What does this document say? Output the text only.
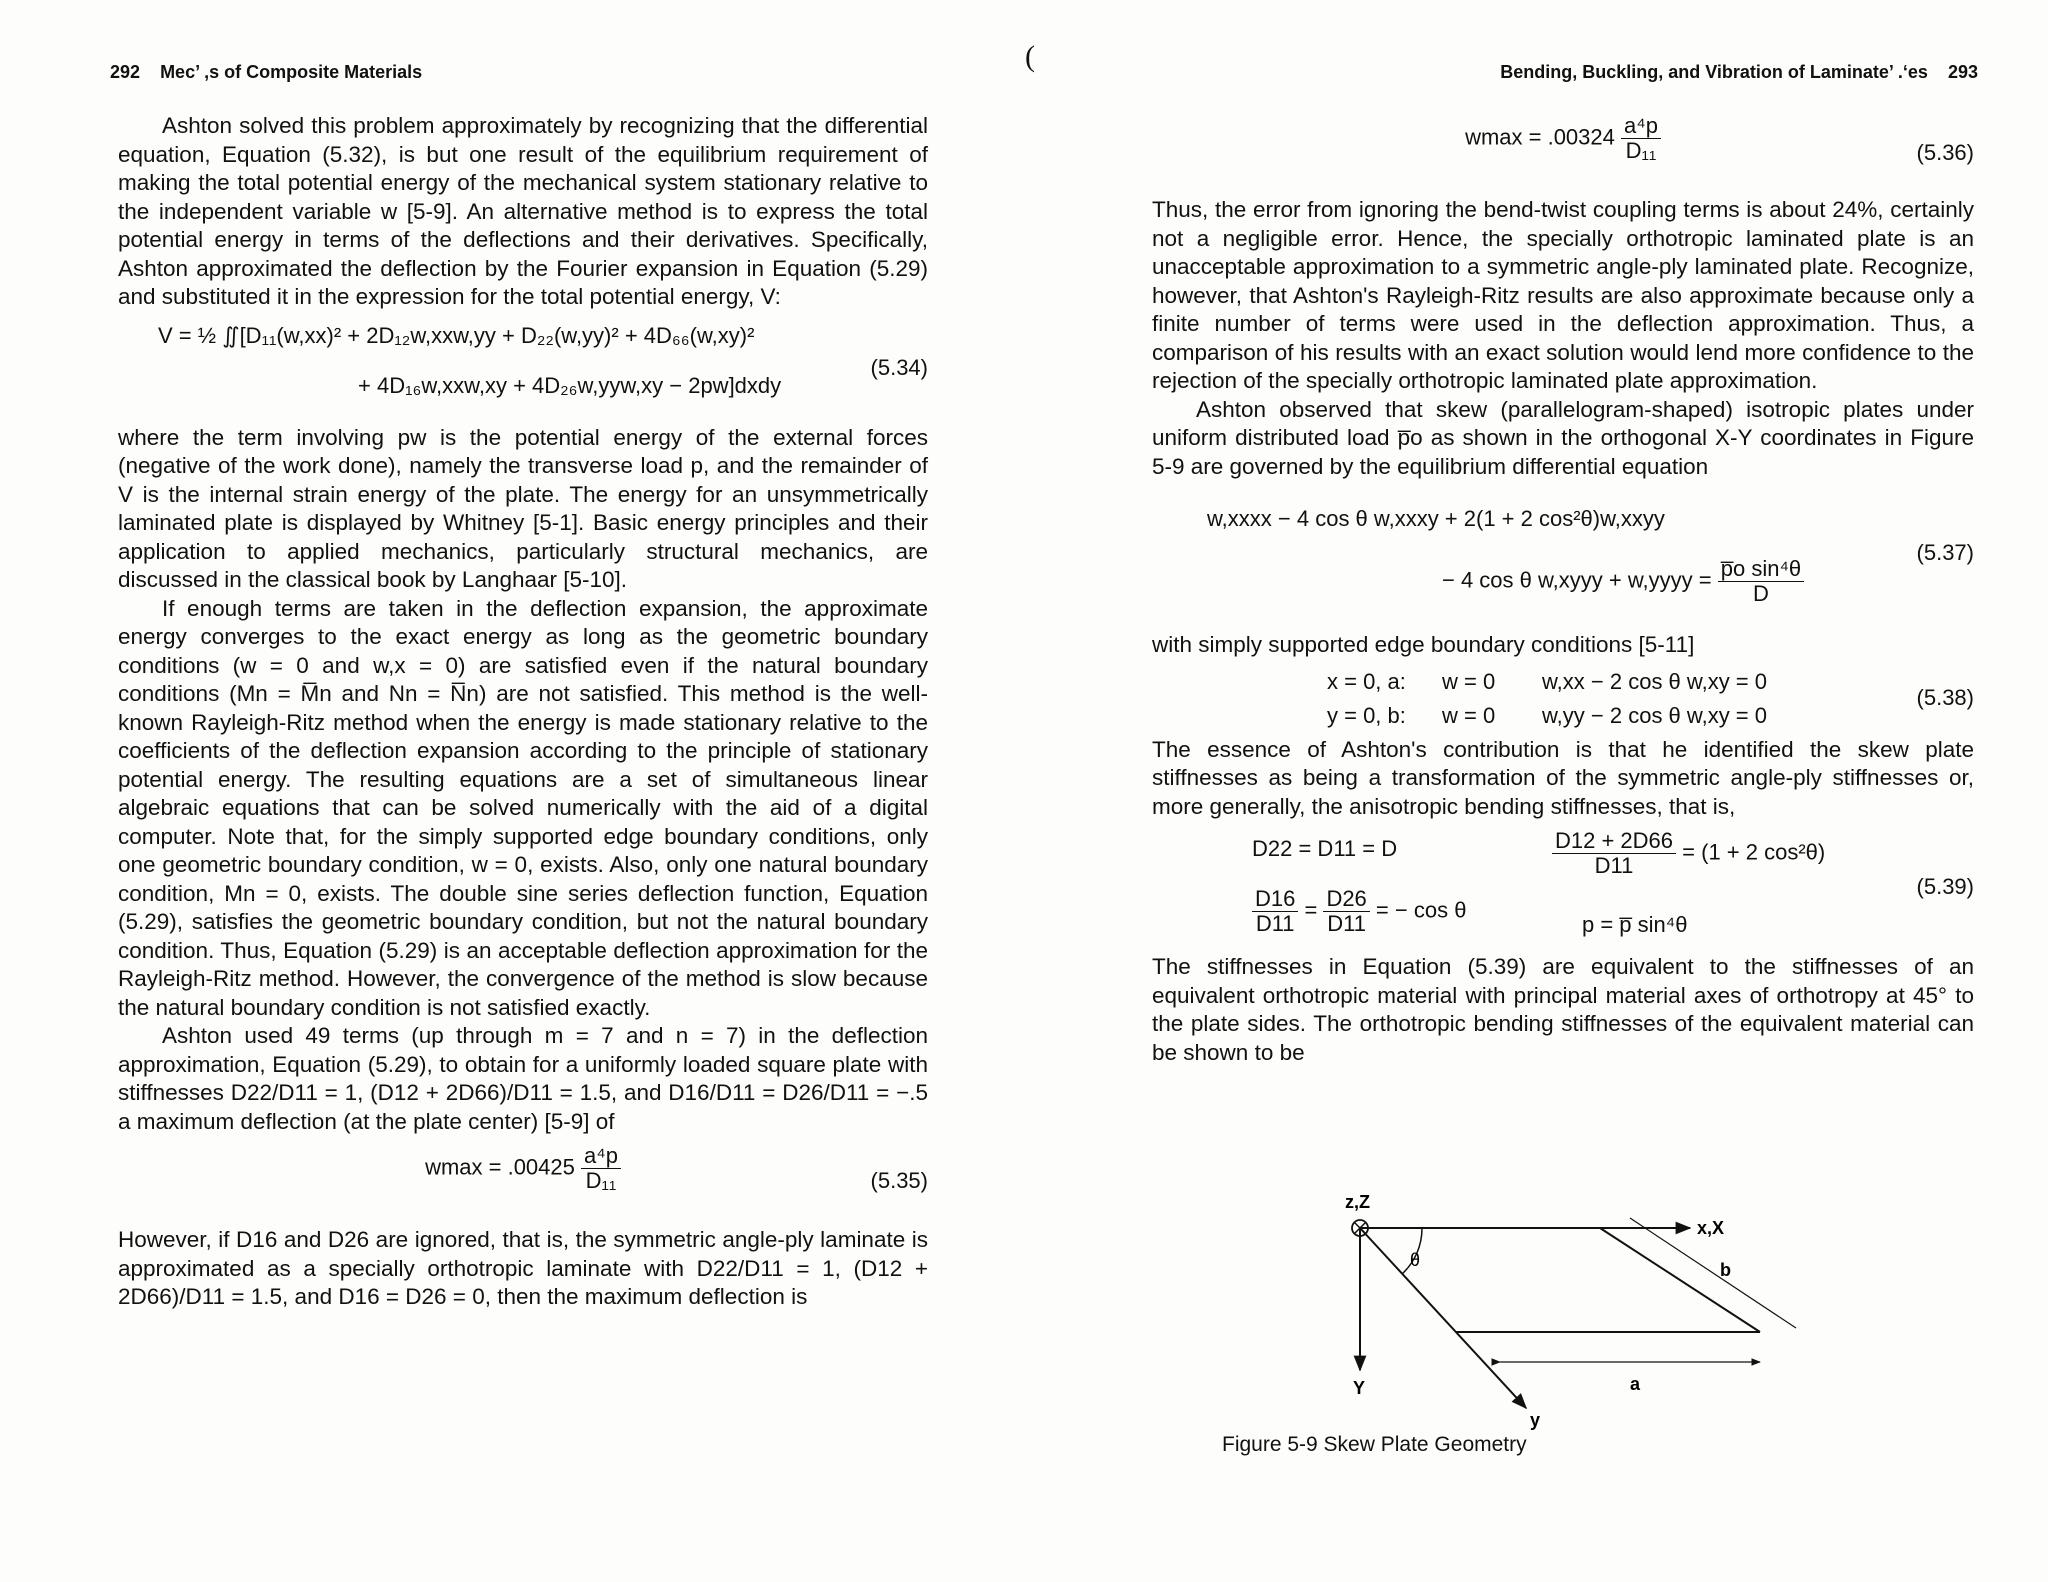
(
292 Mec’ ,s of Composite Materials

Ashton solved this problem approximately by recognizing that the differential equation, Equation (5.32), is but one result of the equilibrium requirement of making the total potential energy of the mechanical system stationary relative to the independent variable w [5-9]. An alternative method is to express the total potential energy in terms of the deflections and their derivatives. Specifically, Ashton approximated the deflection by the Fourier expansion in Equation (5.29) and substituted it in the expression for the total potential energy, V:

V = ½ ∬[D₁₁(w,xx)² + 2D₁₂w,xxw,yy + D₂₂(w,yy)² + 4D₆₆(w,xy)²
+ 4D₁₆w,xxw,xy + 4D₂₆w,yyw,xy − 2pw]dxdy
(5.34)

where the term involving pw is the potential energy of the external forces (negative of the work done), namely the transverse load p, and the remainder of V is the internal strain energy of the plate. The energy for an unsymmetrically laminated plate is displayed by Whitney [5-1]. Basic energy principles and their application to applied mechanics, particularly structural mechanics, are discussed in the classical book by Langhaar [5-10].

If enough terms are taken in the deflection expansion, the approximate energy converges to the exact energy as long as the geometric boundary conditions (w = 0 and w,x = 0) are satisfied even if the natural boundary conditions (Mn = M̅n and Nn = N̅n) are not satisfied. This method is the well-known Rayleigh-Ritz method when the energy is made stationary relative to the coefficients of the deflection expansion according to the principle of stationary potential energy. The resulting equations are a set of simultaneous linear algebraic equations that can be solved numerically with the aid of a digital computer. Note that, for the simply supported edge boundary conditions, only one geometric boundary condition, w = 0, exists. Also, only one natural boundary condition, Mn = 0, exists. The double sine series deflection function, Equation (5.29), satisfies the geometric boundary condition, but not the natural boundary condition. Thus, Equation (5.29) is an acceptable deflection approximation for the Rayleigh-Ritz method. However, the convergence of the method is slow because the natural boundary condition is not satisfied exactly.

Ashton used 49 terms (up through m = 7 and n = 7) in the deflection approximation, Equation (5.29), to obtain for a uniformly loaded square plate with stiffnesses D22/D11 = 1, (D12 + 2D66)/D11 = 1.5, and D16/D11 = D26/D11 = −.5 a maximum deflection (at the plate center) [5-9] of

$wmax = .00425 \frac{\text{a⁴p}}{\text{D₁₁}}$	(5.35)

However, if D16 and D26 are ignored, that is, the symmetric angle-ply laminate is approximated as a specially orthotropic laminate with D22/D11 = 1, (D12 + 2D66)/D11 = 1.5, and D16 = D26 = 0, then the maximum deflection is

Bending, Buckling, and Vibration of Laminate’ .‘es 293
$wmax = .00324 \frac{\text{a⁴p}}{\text{D₁₁}}$	(5.36)

Thus, the error from ignoring the bend-twist coupling terms is about 24%, certainly not a negligible error. Hence, the specially orthotropic laminated plate is an unacceptable approximation to a symmetric angle-ply laminated plate. Recognize, however, that Ashton's Rayleigh-Ritz results are also approximate because only a finite number of terms were used in the deflection approximation. Thus, a comparison of his results with an exact solution would lend more confidence to the rejection of the specially orthotropic laminated plate approximation.

Ashton observed that skew (parallelogram-shaped) isotropic plates under uniform distributed load p̅o as shown in the orthogonal X-Y coordinates in Figure 5-9 are governed by the equilibrium differential equation

w,xxxx − 4 cos θ w,xxxy + 2(1 + 2 cos²θ)w,xxyy
− 4 cos θ w,xyyy + w,yyyy = $\frac{\text{p̅o sin⁴θ}}{D}$
(5.37)

with simply supported edge boundary conditions [5-11]

x = 0, a: w = 0 w,xx − 2 cos θ w,xy = 0
y = 0, b: w = 0 w,yy − 2 cos θ w,xy = 0
(5.38)

The essence of Ashton's contribution is that he identified the skew plate stiffnesses as being a transformation of the symmetric angle-ply stiffnesses or, more generally, the anisotropic bending stiffnesses, that is,

D22 = D11 = D	$\frac{D12 + 2D66}{D11} = (1 + 2$ cos²θ)
$\frac{D16}{D11} = \frac{D26}{D11}$ = − cos θ
p = p̅ sin⁴θ
(5.39)

The stiffnesses in Equation (5.39) are equivalent to the stiffnesses of an equivalent orthotropic material with principal material axes of orthotropy at 45° to the plate sides. The orthotropic bending stiffnesses of the equivalent material can be shown to be

z,Z
x,X
b
θ
a
Y
y
Figure 5-9 Skew Plate Geometry
